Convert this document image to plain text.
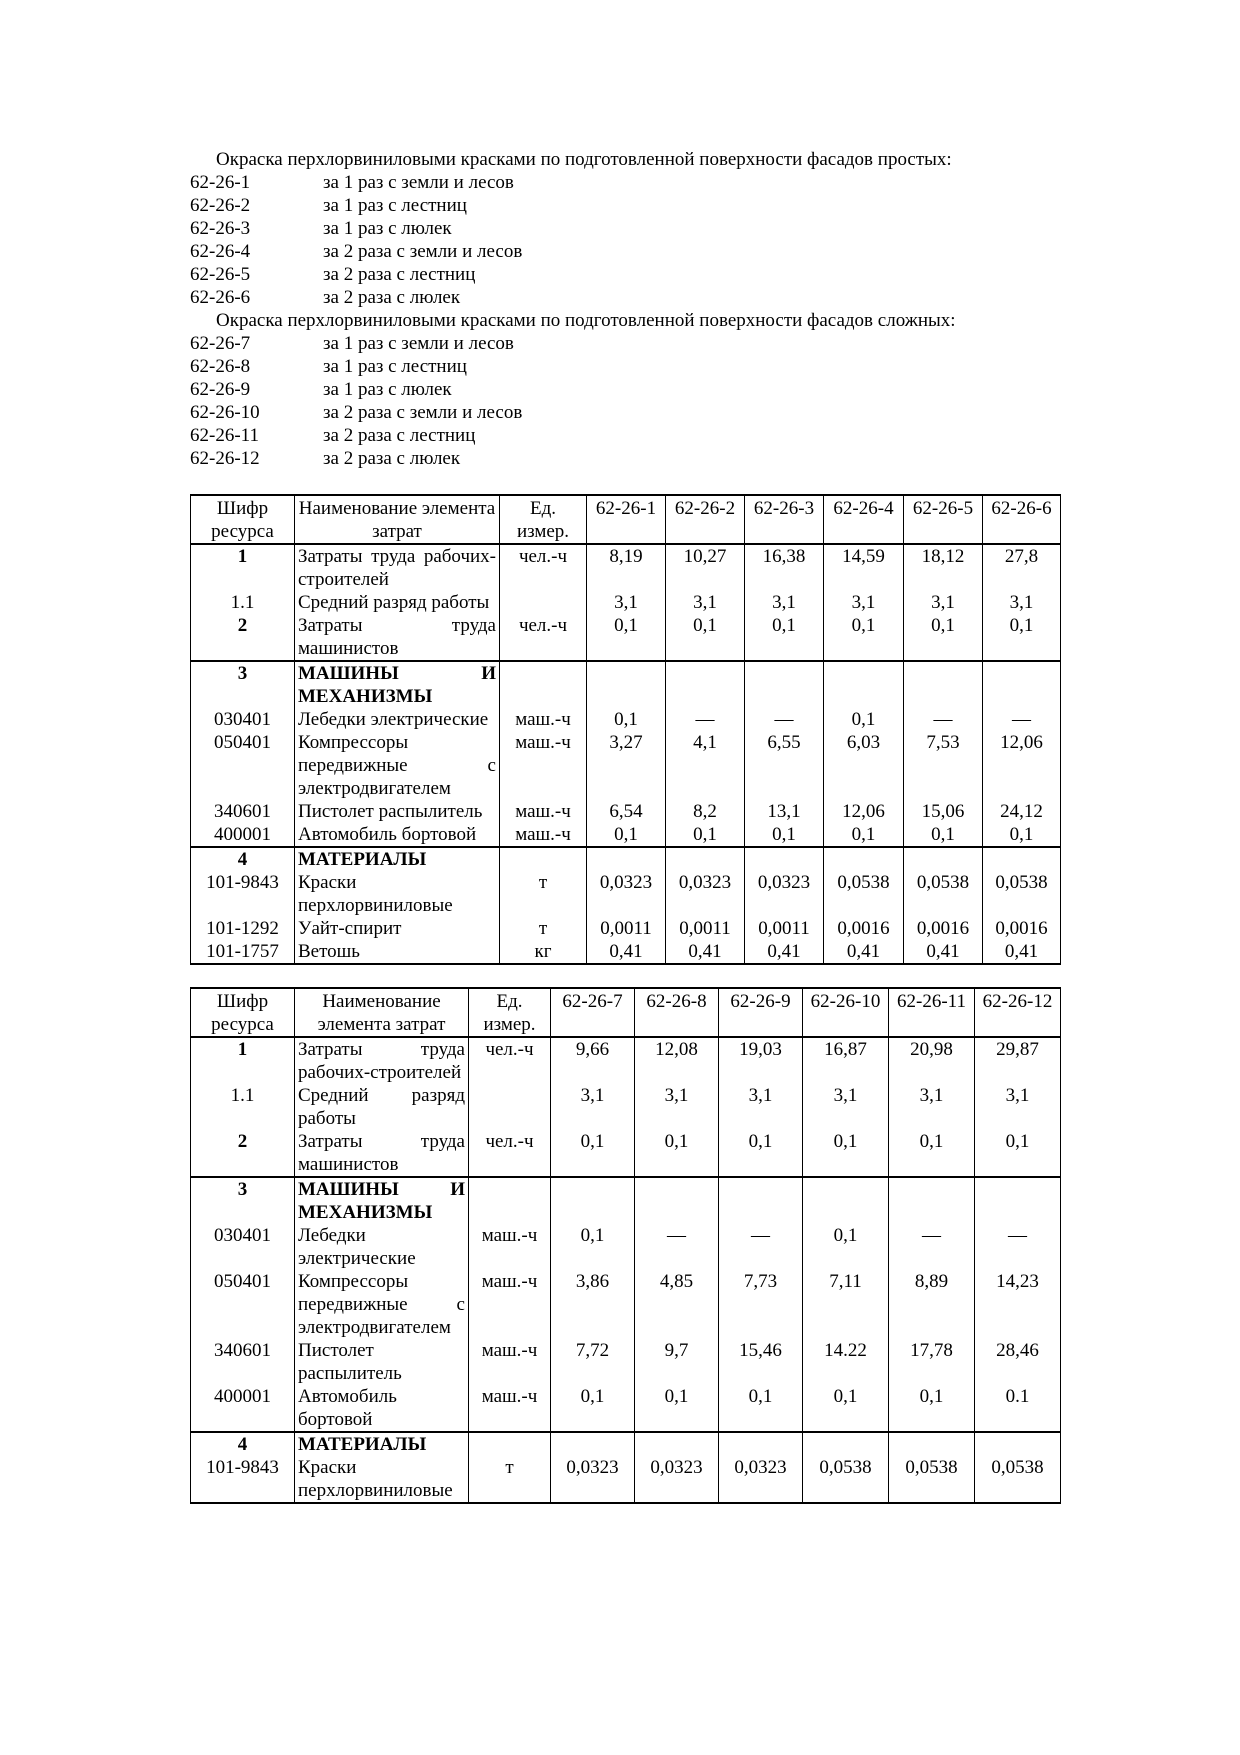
Окраска перхлорвиниловыми красками по подготовленной поверхности фасадов простых:
62-26-1	за 1 раз с земли и лесов
62-26-2	за 1 раз с лестниц
62-26-3	за 1 раз с люлек
62-26-4	за 2 раза с земли и лесов
62-26-5	за 2 раза с лестниц
62-26-6	за 2 раза с люлек
Окраска перхлорвиниловыми красками по подготовленной поверхности фасадов сложных:
62-26-7	за 1 раз с земли и лесов
62-26-8	за 1 раз с лестниц
62-26-9	за 1 раз с люлек
62-26-10	за 2 раза с земли и лесов
62-26-11	за 2 раза с лестниц
62-26-12	за 2 раза с люлек
Шифр ресурса	Наименование элемента затрат	Ед. измер.	62-26-1	62-26-2	62-26-3	62-26-4	62-26-5	62-26-6
1	Затраты труда рабочих-строителей	чел.-ч	8,19	10,27	16,38	14,59	18,12	27,8
1.1	Средний разряд работы		3,1	3,1	3,1	3,1	3,1	3,1
2	Затраты труда машинистов	чел.-ч	0,1	0,1	0,1	0,1	0,1	0,1
3	МАШИНЫ И МЕХАНИЗМЫ							
030401	Лебедки электрические	маш.-ч	0,1	—	—	0,1	—	—
050401	Компрессоры передвижные с электродвигателем	маш.-ч	3,27	4,1	6,55	6,03	7,53	12,06
340601	Пистолет распылитель	маш.-ч	6,54	8,2	13,1	12,06	15,06	24,12
400001	Автомобиль бортовой	маш.-ч	0,1	0,1	0,1	0,1	0,1	0,1
4	МАТЕРИАЛЫ							
101-9843	Краски перхлорвиниловые	т	0,0323	0,0323	0,0323	0,0538	0,0538	0,0538
101-1292	Уайт-спирит	т	0,0011	0,0011	0,0011	0,0016	0,0016	0,0016
101-1757	Ветошь	кг	0,41	0,41	0,41	0,41	0,41	0,41
Шифр ресурса	Наименование элемента затрат	Ед. измер.	62-26-7	62-26-8	62-26-9	62-26-10	62-26-11	62-26-12
1	Затраты труда рабочих-строителей	чел.-ч	9,66	12,08	19,03	16,87	20,98	29,87
1.1	Средний разряд работы		3,1	3,1	3,1	3,1	3,1	3,1
2	Затраты труда машинистов	чел.-ч	0,1	0,1	0,1	0,1	0,1	0,1
3	МАШИНЫ И МЕХАНИЗМЫ							
030401	Лебедки электрические	маш.-ч	0,1	—	—	0,1	—	—
050401	Компрессоры передвижные с электродвигателем	маш.-ч	3,86	4,85	7,73	7,11	8,89	14,23
340601	Пистолет распылитель	маш.-ч	7,72	9,7	15,46	14.22	17,78	28,46
400001	Автомобиль бортовой	маш.-ч	0,1	0,1	0,1	0,1	0,1	0.1
4	МАТЕРИАЛЫ							
101-9843	Краски перхлорвиниловые	т	0,0323	0,0323	0,0323	0,0538	0,0538	0,0538
